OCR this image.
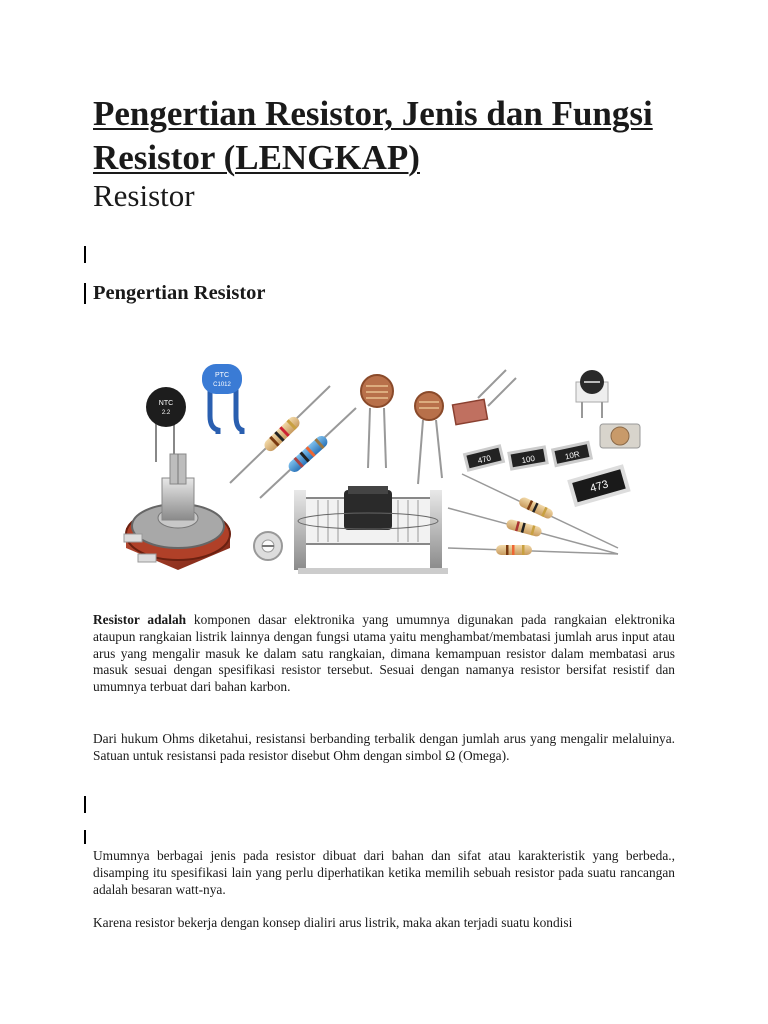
Pengertian Resistor, Jenis dan Fungsi Resistor (LENGKAP)
Resistor
Pengertian Resistor
NTC
2.2
PTC
C1012
470	100	10R
473

Resistor adalah komponen dasar elektronika yang umumnya digunakan pada rangkaian elektronika ataupun rangkaian listrik lainnya dengan fungsi utama yaitu menghambat/membatasi jumlah arus input atau arus yang mengalir masuk ke dalam satu rangkaian, dimana kemampuan resistor dalam membatasi arus masuk sesuai dengan spesifikasi resistor tersebut. Sesuai dengan namanya resistor bersifat resistif dan umumnya terbuat dari bahan karbon.

Dari hukum Ohms diketahui, resistansi berbanding terbalik dengan jumlah arus yang mengalir melaluinya. Satuan untuk resistansi pada resistor disebut Ohm dengan simbol Ω (Omega).

Umumnya berbagai jenis pada resistor dibuat dari bahan dan sifat atau karakteristik yang berbeda., disamping itu spesifikasi lain yang perlu diperhatikan ketika memilih sebuah resistor pada suatu rancangan adalah besaran watt-nya.

Karena resistor bekerja dengan konsep dialiri arus listrik, maka akan terjadi suatu kondisi
